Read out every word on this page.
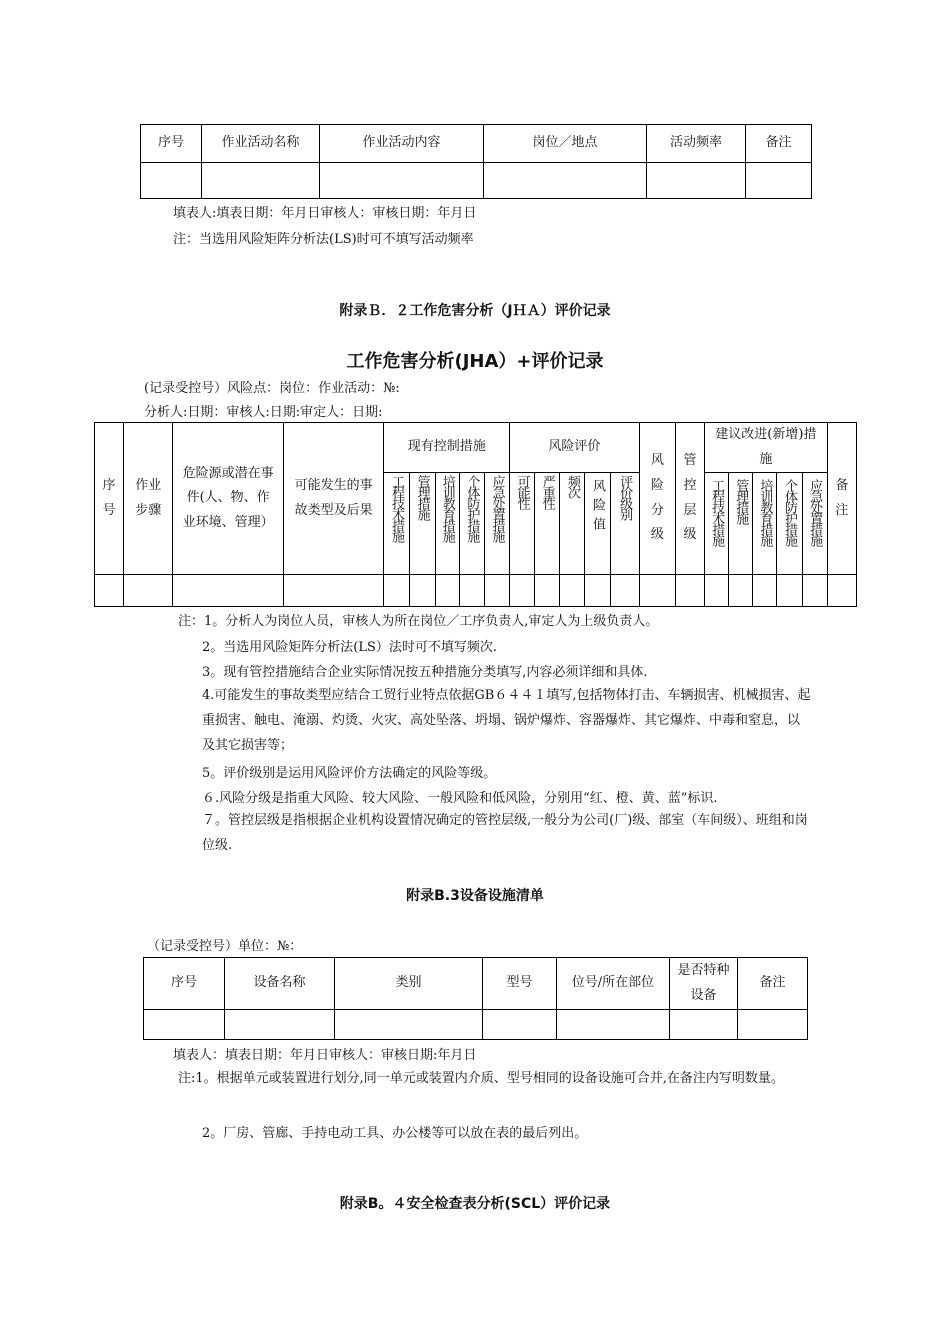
序号	作业活动名称	作业活动内容	岗位／地点	活动频率	备注

填表人:填表日期：年月日审核人：审核日期：年月日
注：当选用风险矩阵分析法(LS)时可不填写活动频率
附录Ｂ．２工作危害分析（JＨＡ）评价记录
工作危害分析(JHA）+评价记录
(记录受控号）风险点：岗位：作业活动：№:
分析人:日期：审核人:日期:审定人：日期:
序号	作业步骤	危险源或潜在事件(人、物、作业环境、管理）	可能发生的事故类型及后果	现有控制措施					风险评价					风险分级	管控层级	建议改进(新增)措施					备注
				工程技术措施	管理措施	培训教育措施	个体防护措施	应急处置措施	可能性	严重性	频次	风险值	评价级别			工程技术措施	管理措施	培训教育措施	个体防护措施	应急处置措施	

注：1。分析人为岗位人员，审核人为所在岗位／工序负责人,审定人为上级负责人。
2。当选用风险矩阵分析法(LS）法时可不填写频次.
3。现有管控措施结合企业实际情况按五种措施分类填写,内容必须详细和具体.
4.可能发生的事故类型应结合工贸行业特点依据GB６４４１填写,包括物体打击、车辆损害、机械损害、起重损害、触电、淹溺、灼烫、火灾、高处坠落、坍塌、锅炉爆炸、容器爆炸、其它爆炸、中毒和窒息，以及其它损害等；
5。评价级别是运用风险评价方法确定的风险等级。
６.风险分级是指重大风险、较大风险、一般风险和低风险，分别用“红、橙、黄、蓝”标识.
７。管控层级是指根据企业机构设置情况确定的管控层级,一般分为公司(厂)级、部室（车间级）、班组和岗位级.
附录B.3设备设施清单
（记录受控号）单位：№：
序号	设备名称	类别	型号	位号/所在部位	是否特种设备	备注

填表人：填表日期：年月日审核人：审核日期:年月日
注:1。根据单元或装置进行划分,同一单元或装置内介质、型号相同的设备设施可合并,在备注内写明数量。
2。厂房、管廊、手持电动工具、办公楼等可以放在表的最后列出。
附录B。４安全检查表分析(SCL）评价记录
